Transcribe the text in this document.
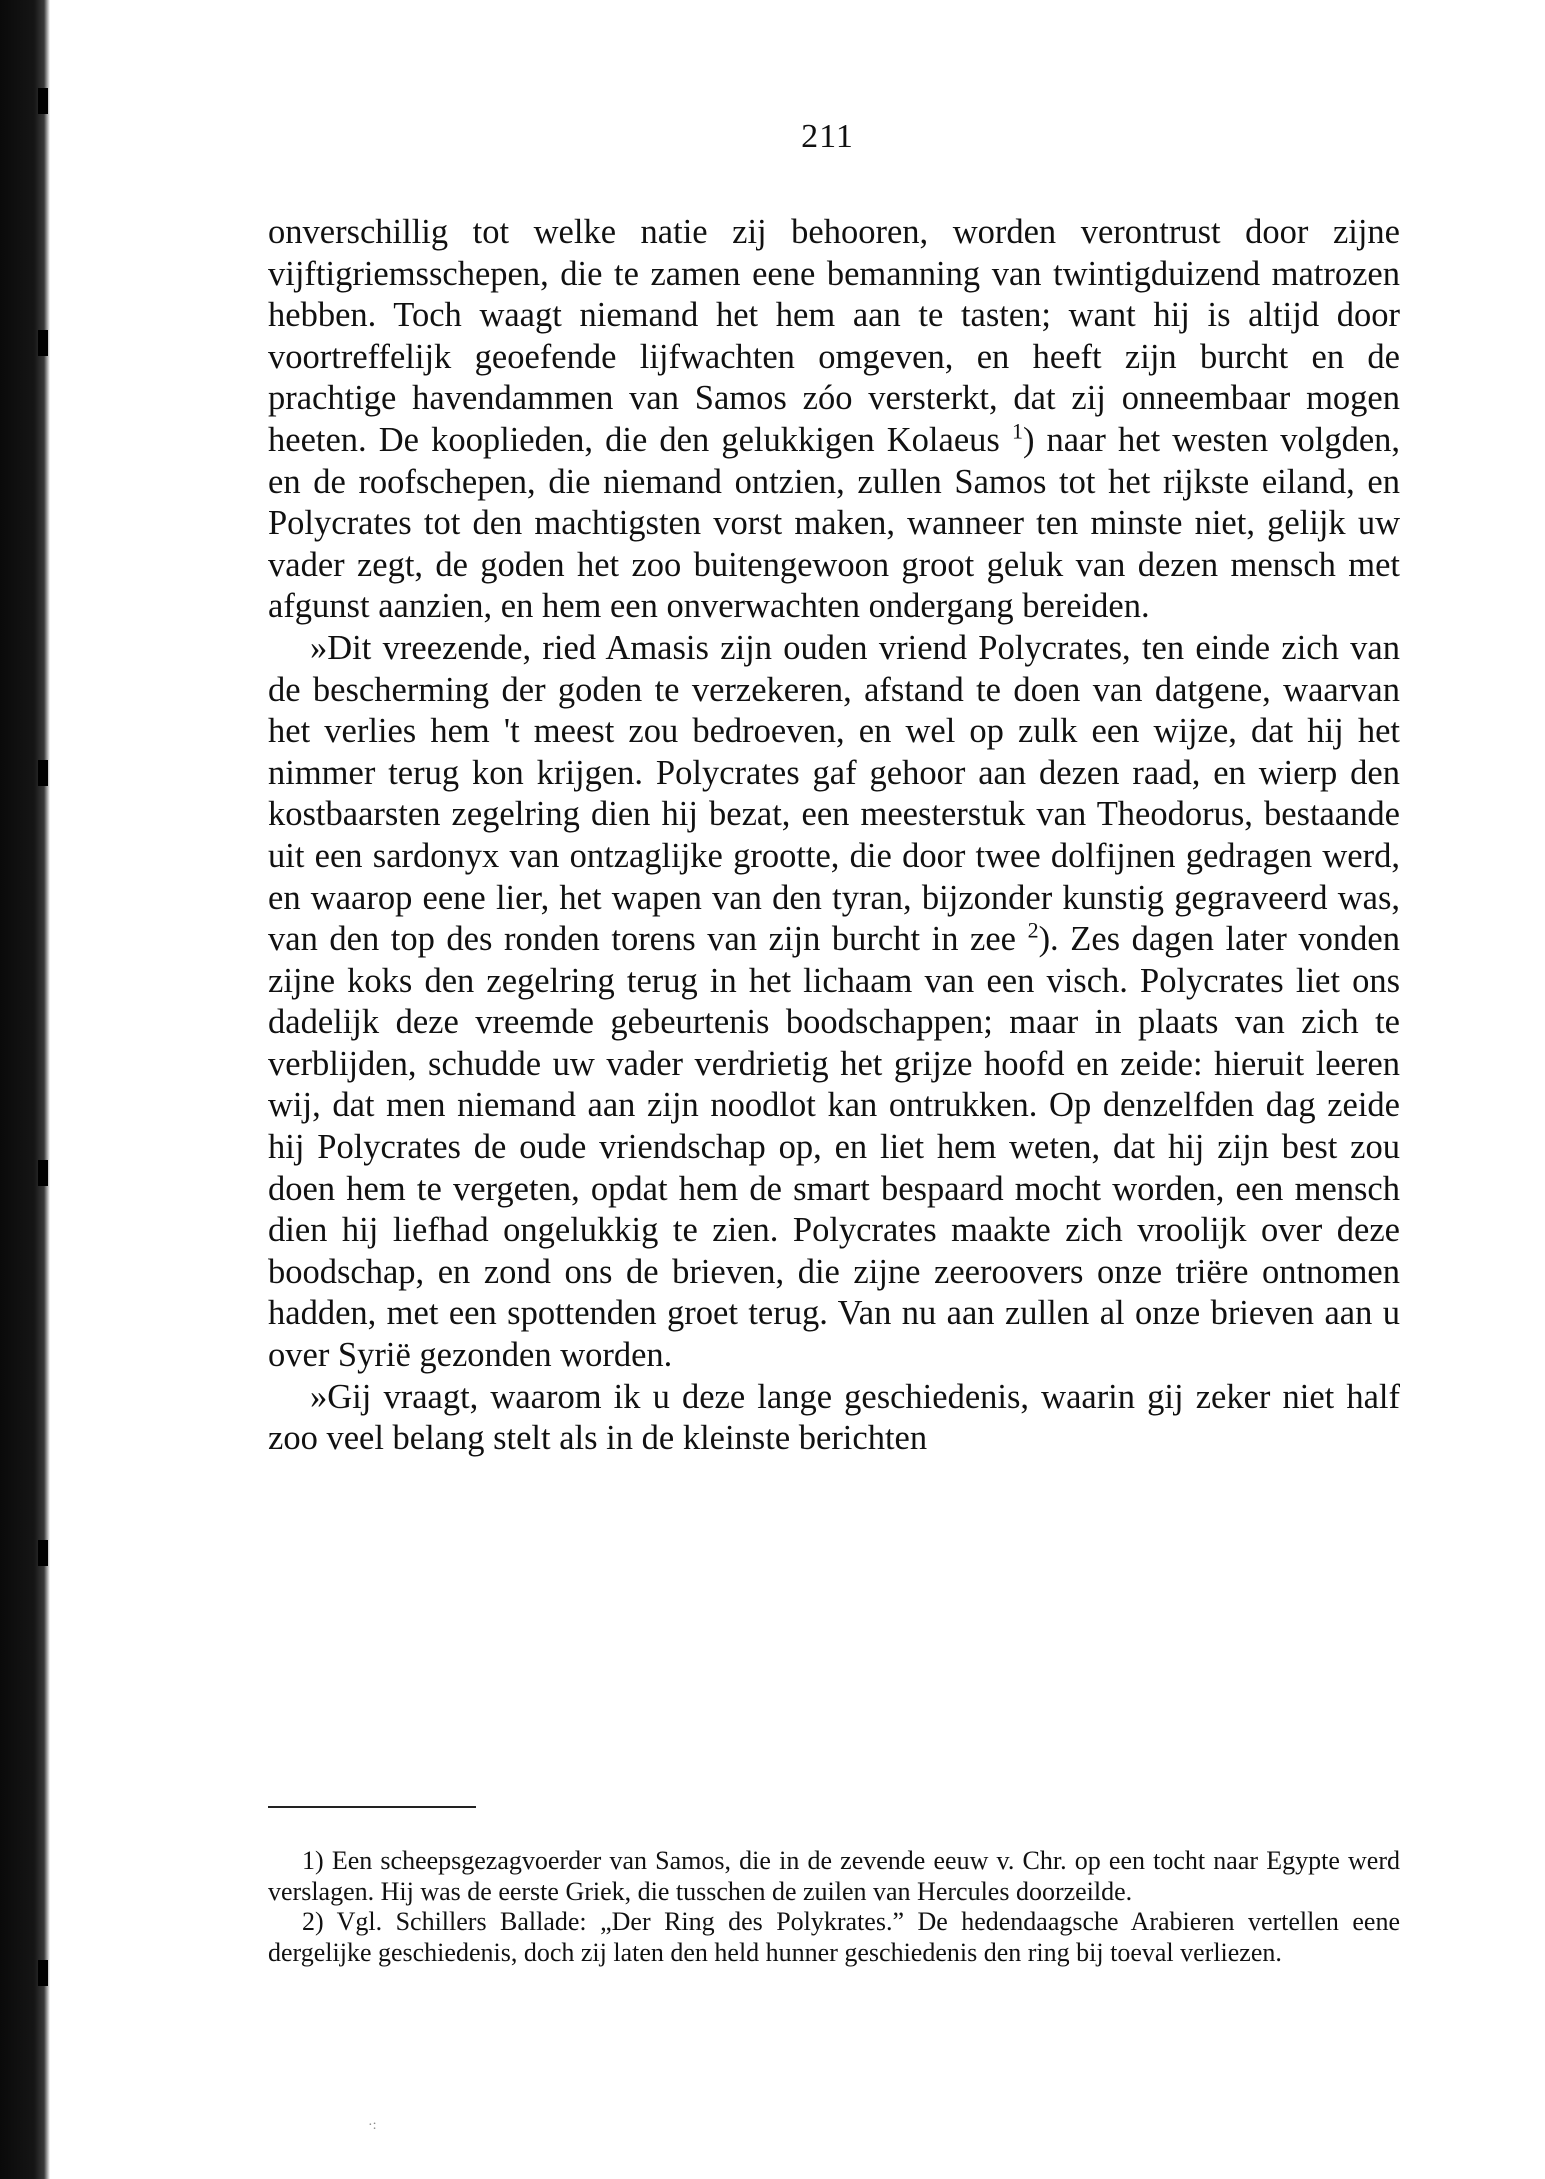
211

onverschillig tot welke natie zij behooren, worden verontrust door zijne vijftigriemsschepen, die te zamen eene bemanning van twintigduizend matrozen hebben. Toch waagt niemand het hem aan te tasten; want hij is altijd door voortreffelijk geoefende lijfwachten omgeven, en heeft zijn burcht en de prachtige havendammen van Samos zóo versterkt, dat zij onneembaar mogen heeten. De kooplieden, die den gelukkigen Kolaeus $^1$) naar het westen volgden, en de roofschepen, die niemand ontzien, zullen Samos tot het rijkste eiland, en Polycrates tot den machtigsten vorst maken, wanneer ten minste niet, gelijk uw vader zegt, de goden het zoo buitengewoon groot geluk van dezen mensch met afgunst aanzien, en hem een onverwachten ondergang bereiden.

»Dit vreezende, ried Amasis zijn ouden vriend Polycrates, ten einde zich van de bescherming der goden te verzekeren, afstand te doen van datgene, waarvan het verlies hem 't meest zou bedroeven, en wel op zulk een wijze, dat hij het nimmer terug kon krijgen. Polycrates gaf gehoor aan dezen raad, en wierp den kostbaarsten zegelring dien hij bezat, een meesterstuk van Theodorus, bestaande uit een sardonyx van ontzaglijke grootte, die door twee dolfijnen gedragen werd, en waarop eene lier, het wapen van den tyran, bijzonder kunstig gegraveerd was, van den top des ronden torens van zijn burcht in zee $^2$). Zes dagen later vonden zijne koks den zegelring terug in het lichaam van een visch. Polycrates liet ons dadelijk deze vreemde gebeurtenis boodschappen; maar in plaats van zich te verblijden, schudde uw vader verdrietig het grijze hoofd en zeide: hieruit leeren wij, dat men niemand aan zijn noodlot kan ontrukken. Op denzelfden dag zeide hij Polycrates de oude vriendschap op, en liet hem weten, dat hij zijn best zou doen hem te vergeten, opdat hem de smart bespaard mocht worden, een mensch dien hij liefhad ongelukkig te zien. Polycrates maakte zich vroolijk over deze boodschap, en zond ons de brieven, die zijne zeeroovers onze triëre ontnomen hadden, met een spottenden groet terug. Van nu aan zullen al onze brieven aan u over Syrië gezonden worden.

»Gij vraagt, waarom ik u deze lange geschiedenis, waarin gij zeker niet half zoo veel belang stelt als in de kleinste berichten

1) Een scheepsgezagvoerder van Samos, die in de zevende eeuw v. Chr. op een tocht naar Egypte werd verslagen. Hij was de eerste Griek, die tusschen de zuilen van Hercules doorzeilde.

2) Vgl. Schillers Ballade: „Der Ring des Polykrates.” De hedendaagsche Arabieren vertellen eene dergelijke geschiedenis, doch zij laten den held hunner geschiedenis den ring bij toeval verliezen.

·:
